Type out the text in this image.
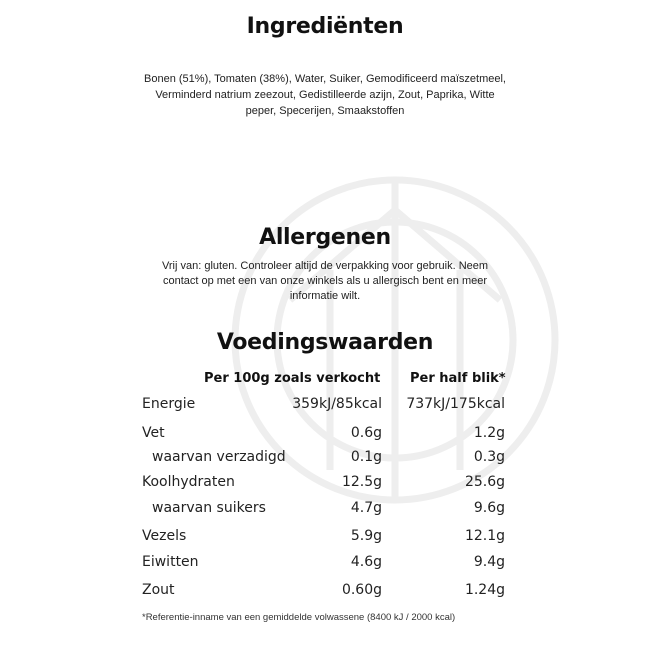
Ingrediënten
Bonen (51%), Tomaten (38%), Water, Suiker, Gemodificeerd maïszetmeel,
Verminderd natrium zeezout, Gedistilleerde azijn, Zout, Paprika, Witte
peper, Specerijen, Smaakstoffen
Allergenen
Vrij van: gluten. Controleer altijd de verpakking voor gebruik. Neem
contact op met een van onze winkels als u allergisch bent en meer
informatie wilt.
Voedingswaarden
Per 100g zoals verkocht Per half blik*
Energie	359kJ/85kcal 737kJ/175kcal
Vet	0.6g	1.2g
waarvan verzadigd	0.1g	0.3g
Koolhydraten	12.5g	25.6g
waarvan suikers	4.7g	9.6g
Vezels	5.9g	12.1g
Eiwitten	4.6g	9.4g
Zout	0.60g	1.24g
*Referentie-inname van een gemiddelde volwassene (8400 kJ / 2000 kcal)
